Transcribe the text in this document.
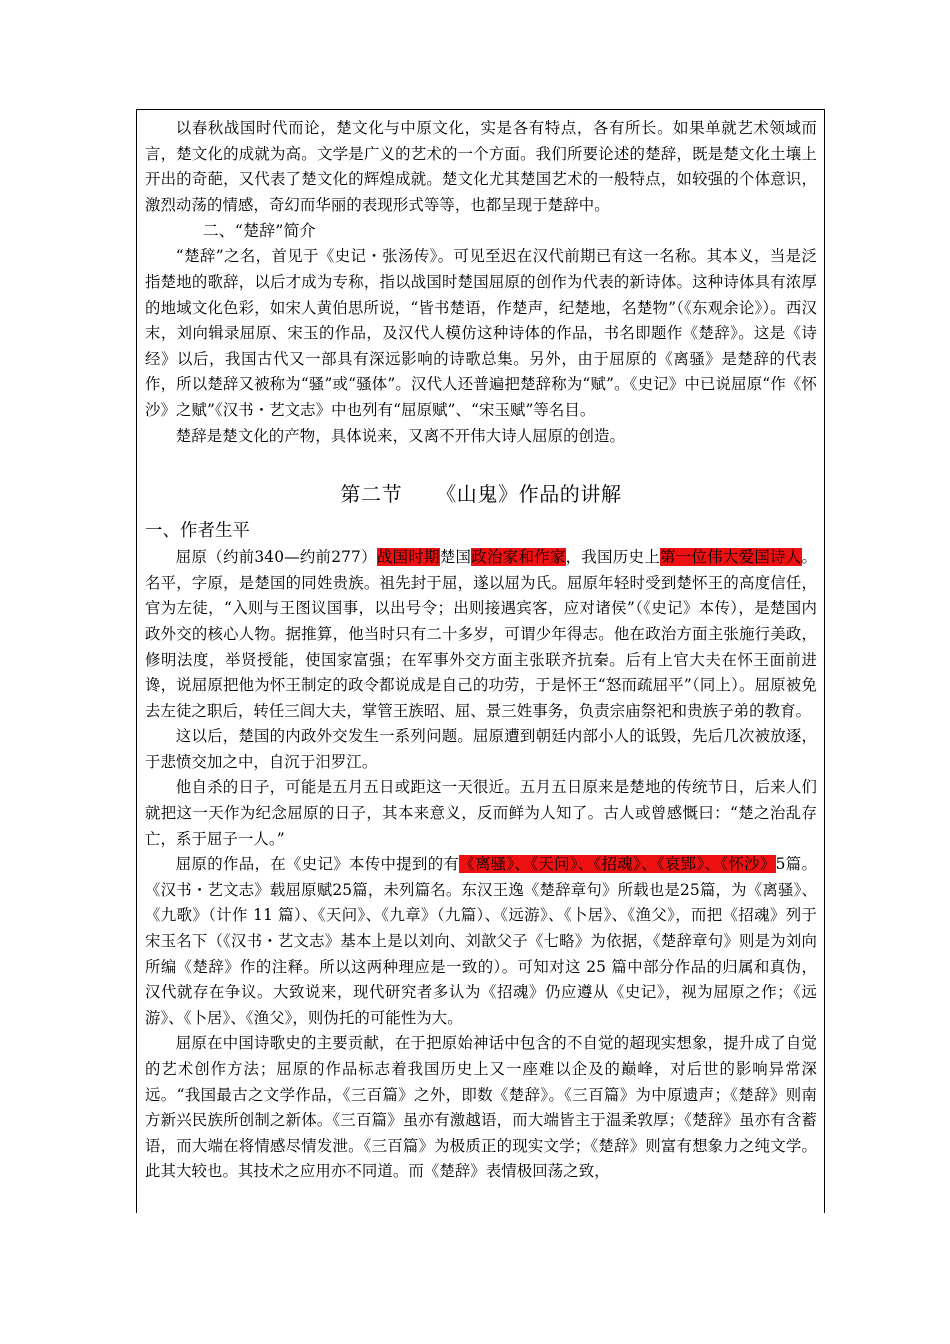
以春秋战国时代而论，楚文化与中原文化，实是各有特点，各有所长。如果单就艺术领域而言，楚文化的成就为高。文学是广义的艺术的一个方面。我们所要论述的楚辞，既是楚文化土壤上开出的奇葩，又代表了楚文化的辉煌成就。楚文化尤其楚国艺术的一般特点，如较强的个体意识，激烈动荡的情感，奇幻而华丽的表现形式等等，也都呈现于楚辞中。

二、“楚辞”简介

“楚辞”之名，首见于《史记・张汤传》。可见至迟在汉代前期已有这一名称。其本义，当是泛指楚地的歌辞，以后才成为专称，指以战国时楚国屈原的创作为代表的新诗体。这种诗体具有浓厚的地域文化色彩，如宋人黄伯思所说，“皆书楚语，作楚声，纪楚地，名楚物”（《东观余论》）。西汉末，刘向辑录屈原、宋玉的作品，及汉代人模仿这种诗体的作品，书名即题作《楚辞》。这是《诗经》以后，我国古代又一部具有深远影响的诗歌总集。另外，由于屈原的《离骚》是楚辞的代表作，所以楚辞又被称为“骚”或“骚体”。汉代人还普遍把楚辞称为“赋”。《史记》中已说屈原“作《怀沙》之赋”《汉书・艺文志》中也列有“屈原赋”、“宋玉赋”等名目。

楚辞是楚文化的产物，具体说来，又离不开伟大诗人屈原的创造。

第二节 《山鬼》作品的讲解

一、作者生平

屈原（约前340—约前277）战国时期楚国政治家和作家，我国历史上第一位伟大爱国诗人。名平，字原，是楚国的同姓贵族。祖先封于屈，遂以屈为氏。屈原年轻时受到楚怀王的高度信任，官为左徒，“入则与王图议国事，以出号令；出则接遇宾客，应对诸侯”（《史记》本传），是楚国内政外交的核心人物。据推算，他当时只有二十多岁，可谓少年得志。他在政治方面主张施行美政，修明法度，举贤授能，使国家富强；在军事外交方面主张联齐抗秦。后有上官大夫在怀王面前进谗，说屈原把他为怀王制定的政令都说成是自己的功劳，于是怀王“怒而疏屈平”（同上）。屈原被免去左徒之职后，转任三闾大夫，掌管王族昭、屈、景三姓事务，负责宗庙祭祀和贵族子弟的教育。

这以后，楚国的内政外交发生一系列问题。屈原遭到朝廷内部小人的诋毁，先后几次被放逐，于悲愤交加之中，自沉于汨罗江。

他自杀的日子，可能是五月五日或距这一天很近。五月五日原来是楚地的传统节日，后来人们就把这一天作为纪念屈原的日子，其本来意义，反而鲜为人知了。古人或曾感慨曰：“楚之治乱存亡，系于屈子一人。”

屈原的作品，在《史记》本传中提到的有《离骚》、《天问》、《招魂》、《哀郢》、《怀沙》5篇。《汉书・艺文志》载屈原赋25篇，未列篇名。东汉王逸《楚辞章句》所载也是25篇，为《离骚》、《九歌》（计作 11 篇）、《天问》、《九章》（九篇）、《远游》、《卜居》、《渔父》，而把《招魂》列于宋玉名下（《汉书・艺文志》基本上是以刘向、刘歆父子《七略》为依据，《楚辞章句》则是为刘向所编《楚辞》作的注释。所以这两种理应是一致的）。可知对这 25 篇中部分作品的归属和真伪，汉代就存在争议。大致说来，现代研究者多认为《招魂》仍应遵从《史记》，视为屈原之作；《远游》、《卜居》、《渔父》，则伪托的可能性为大。

屈原在中国诗歌史的主要贡献，在于把原始神话中包含的不自觉的超现实想象，提升成了自觉的艺术创作方法；屈原的作品标志着我国历史上又一座难以企及的巅峰，对后世的影响异常深远。“我国最古之文学作品，《三百篇》之外，即数《楚辞》。《三百篇》为中原遗声；《楚辞》则南方新兴民族所创制之新体。《三百篇》虽亦有激越语，而大端皆主于温柔敦厚；《楚辞》虽亦有含蓄语，而大端在将情感尽情发泄。《三百篇》为极质正的现实文学；《楚辞》则富有想象力之纯文学。此其大较也。其技术之应用亦不同道。而《楚辞》表情极回荡之致，
